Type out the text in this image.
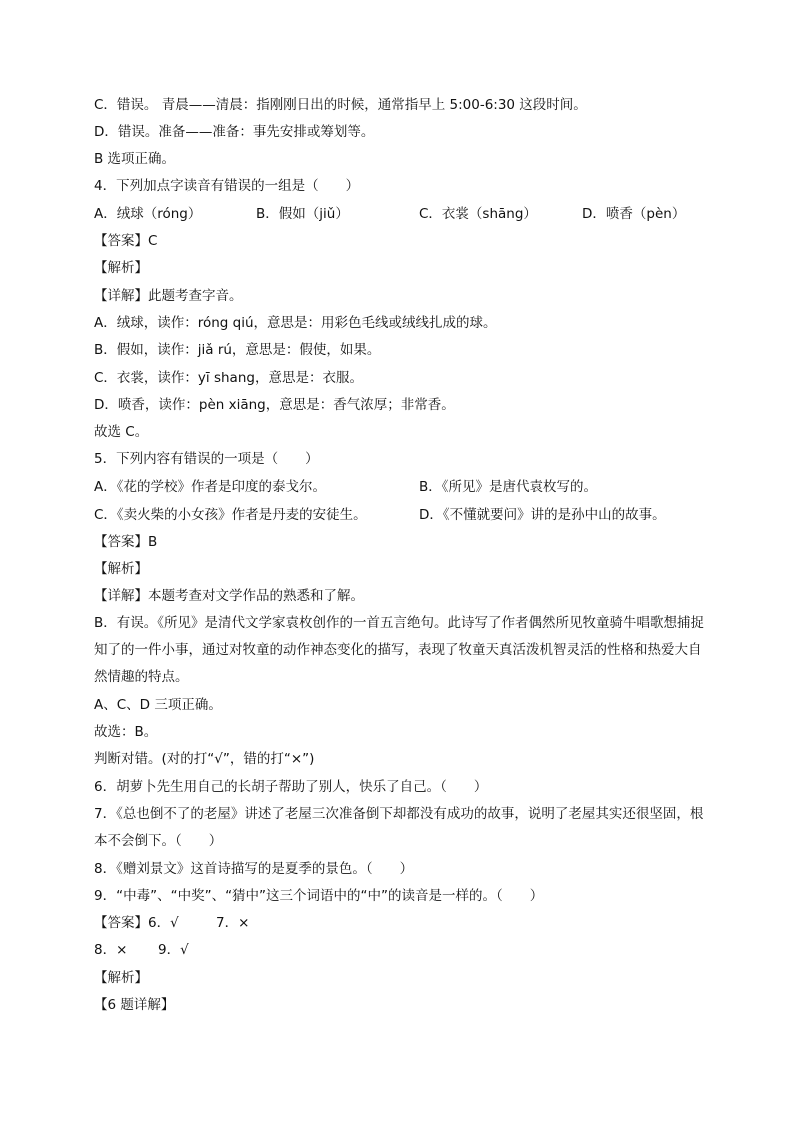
C．错误。 青晨——清晨：指刚刚日出的时候，通常指早上 5:00-6:30 这段时间。
D．错误。准备——准备：事先安排或筹划等。
B 选项正确。
4．下列加点字读音有错误的一组是（　　）
A．绒球（róng）	B．假如（jiǔ）	C．衣裳（shāng）	D．喷香（pèn）
【答案】C
【解析】
【详解】此题考查字音。
A．绒球，读作：róng qiú，意思是：用彩色毛线或绒线扎成的球。
B．假如，读作：jiǎ rú，意思是：假使，如果。
C．衣裳，读作：yī shang，意思是：衣服。
D．喷香，读作：pèn xiāng，意思是：香气浓厚；非常香。
故选 C。
5．下列内容有错误的一项是（　　）
A．《花的学校》作者是印度的泰戈尔。	B．《所见》是唐代袁枚写的。
C．《卖火柴的小女孩》作者是丹麦的安徒生。	D．《不懂就要问》讲的是孙中山的故事。
【答案】B
【解析】
【详解】本题考查对文学作品的熟悉和了解。
B．有误。《所见》是清代文学家袁枚创作的一首五言绝句。此诗写了作者偶然所见牧童骑牛唱歌想捕捉知了的一件小事，通过对牧童的动作神态变化的描写，表现了牧童天真活泼机智灵活的性格和热爱大自然情趣的特点。
A、C、D 三项正确。
故选：B。
判断对错。(对的打“√”，错的打“×”)
6．胡萝卜先生用自己的长胡子帮助了别人，快乐了自己。（　　）
7．《总也倒不了的老屋》讲述了老屋三次准备倒下却都没有成功的故事，说明了老屋其实还很坚固，根本不会倒下。（　　）
8．《赠刘景文》这首诗描写的是夏季的景色。（　　）
9．“中毒”、“中奖”、“猜中”这三个词语中的“中”的读音是一样的。（　　）
【答案】6．√	7．×
8．× 9．√
【解析】
【6 题详解】
